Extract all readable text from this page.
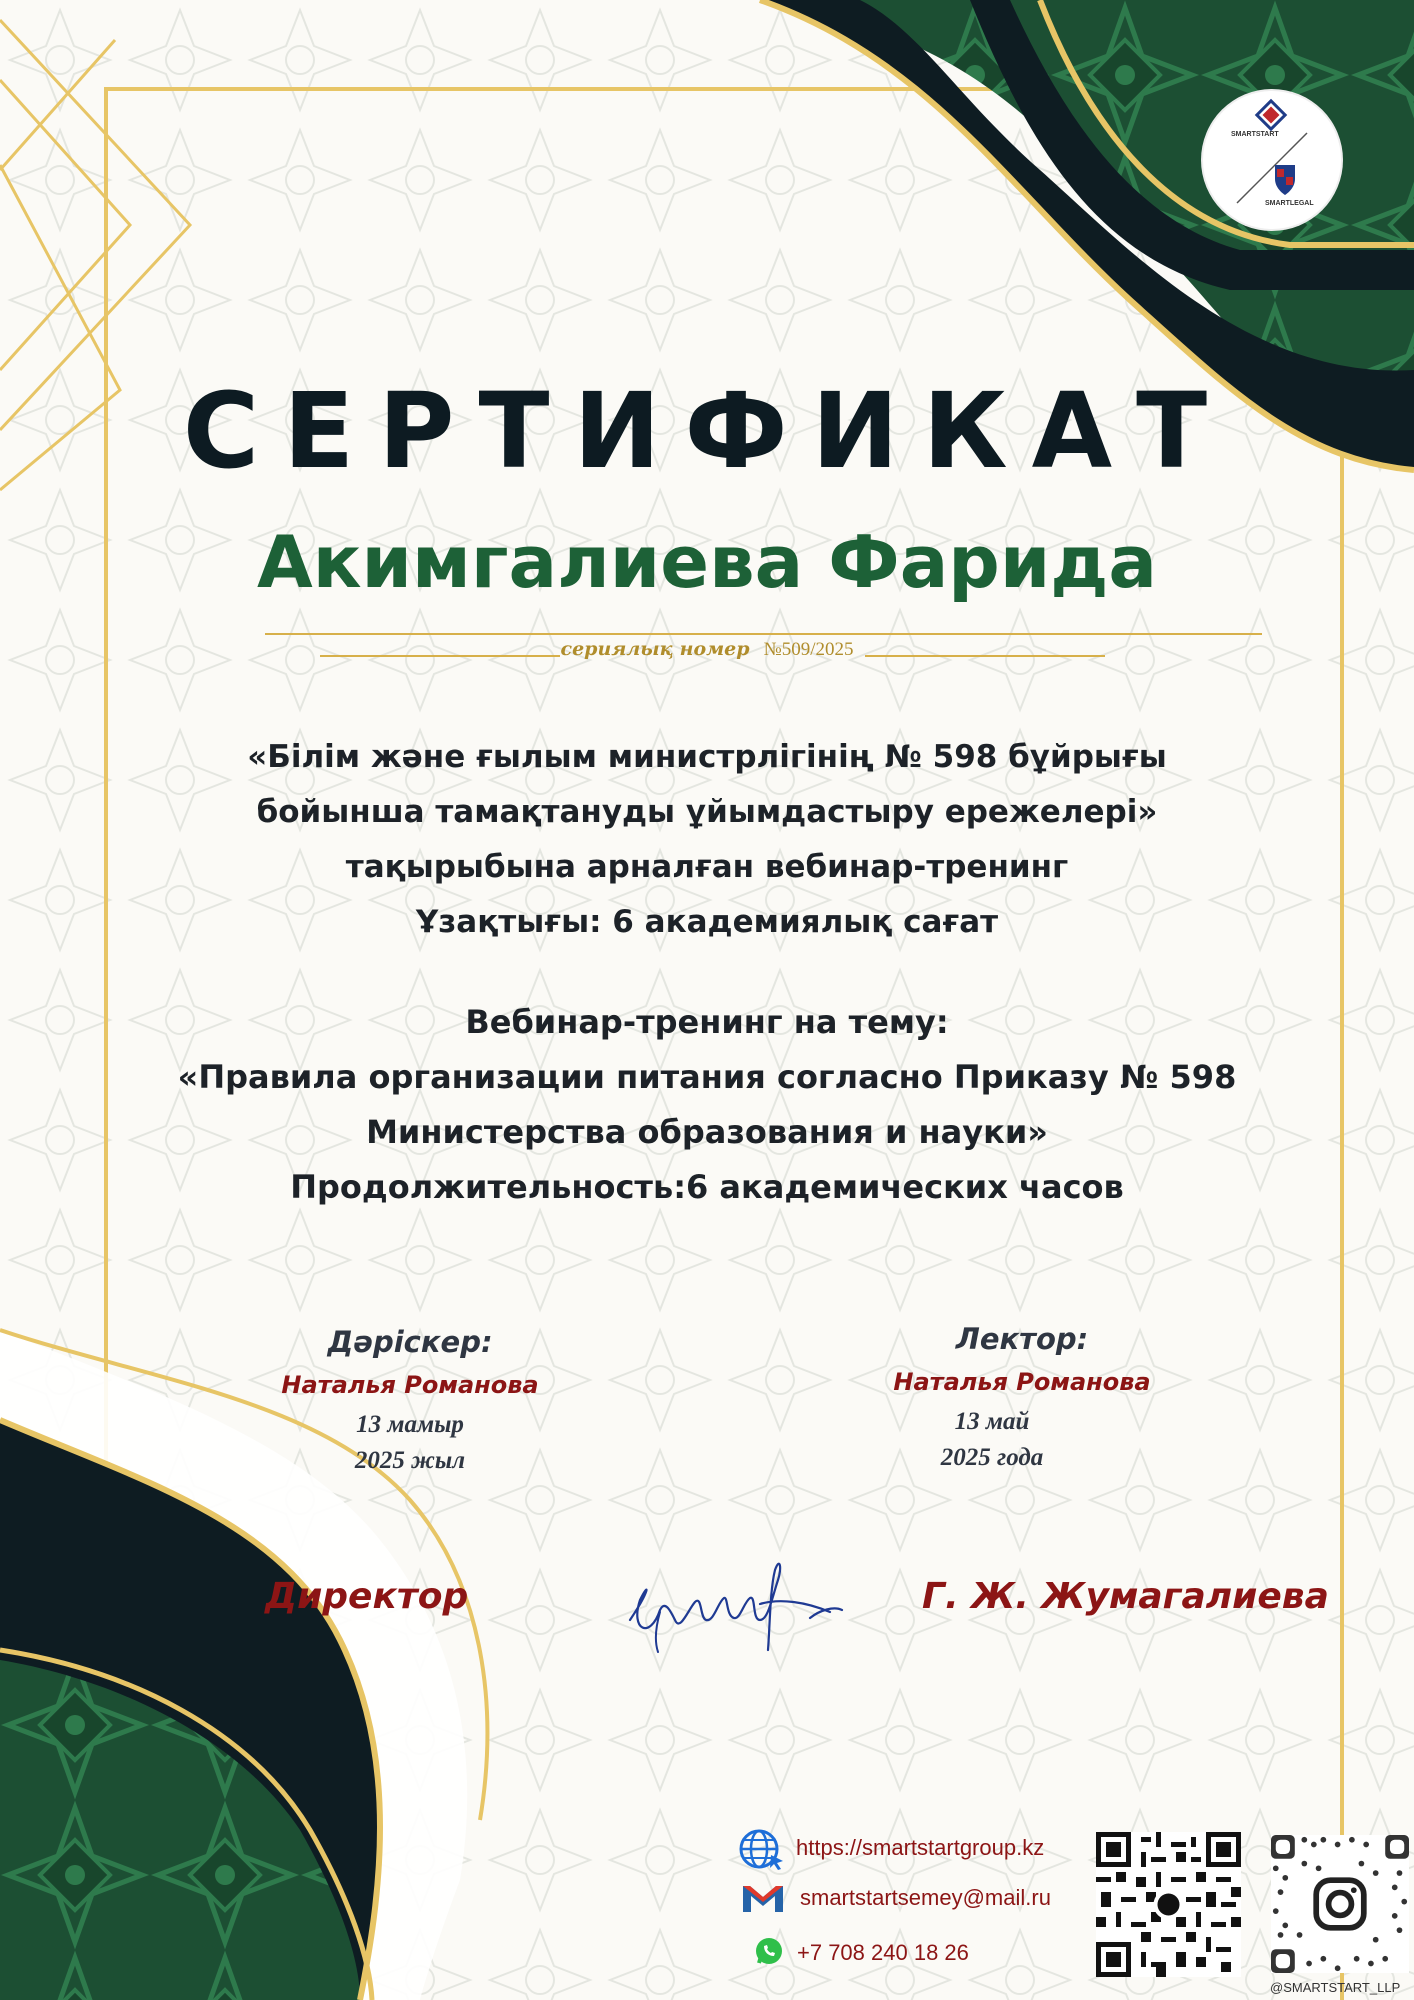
SMARTSTART
SMARTLEGAL
СЕРТИФИКАТ
Акимгалиева Фарида
сериялық номер №509/2025
«Білім және ғылым министрлігінің № 598 бұйрығы
бойынша тамақтануды ұйымдастыру ережелері»
тақырыбына арналған вебинар-тренинг
Ұзақтығы: 6 академиялық сағат
Вебинар-тренинг на тему:
«Правила организации питания согласно Приказу № 598
Министерства образования и науки»
Продолжительность:6 академических часов
Дәріскер:
Наталья Романова
13 мамыр
2025 жыл
Лектор:
Наталья Романова
13 май
2025 года
Директор	Г. Ж. Жумагалиева
https://smartstartgroup.kz
smartstartsemey@mail.ru
+7 708 240 18 26
@SMARTSTART_LLP
